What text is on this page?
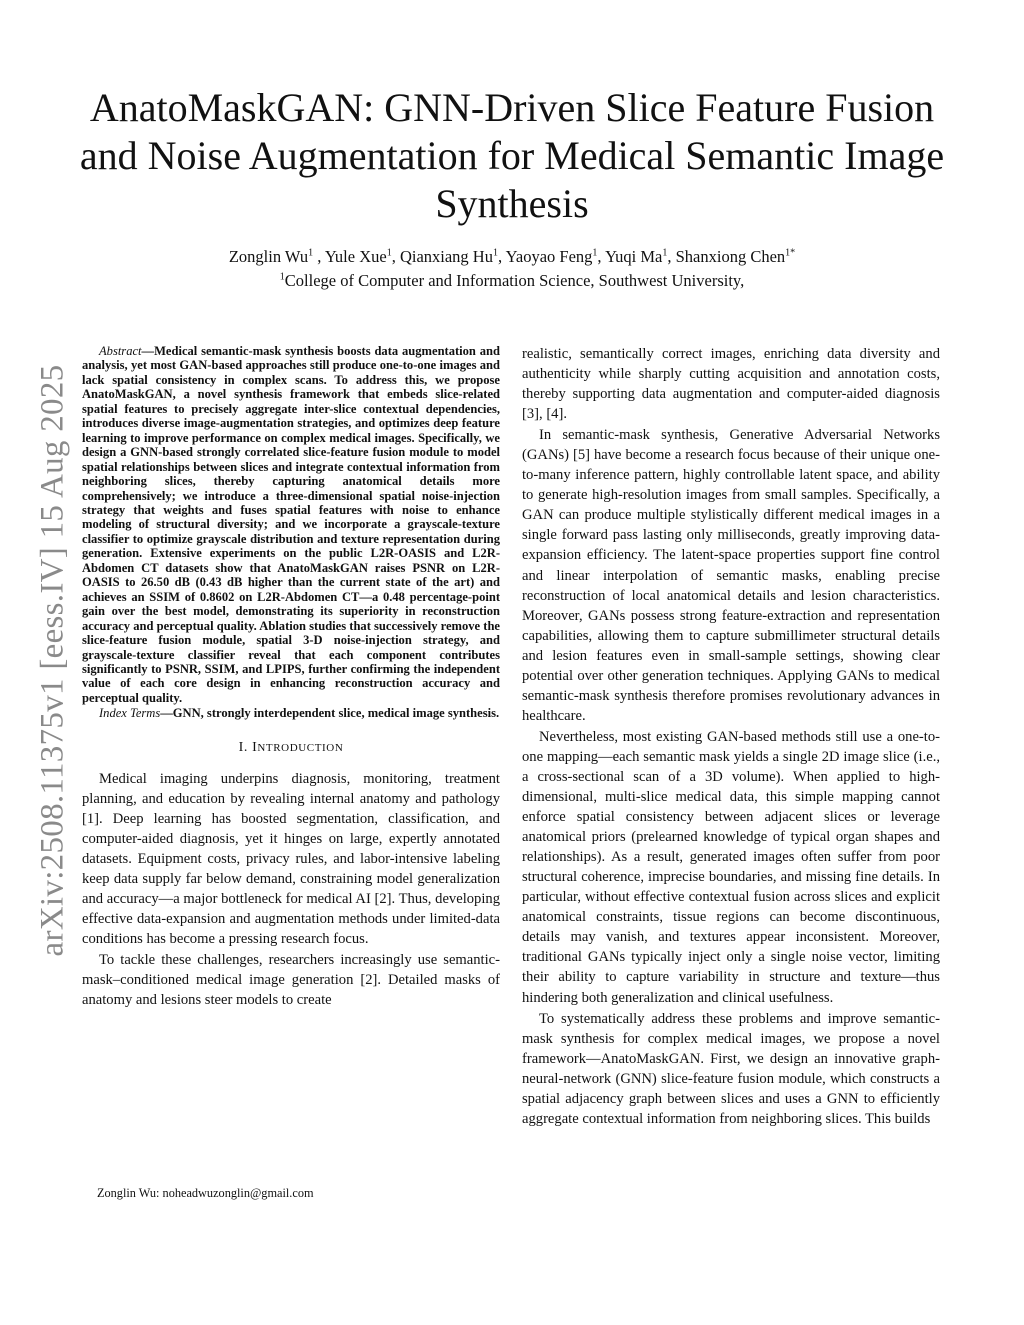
arXiv:2508.11375v1 [eess.IV] 15 Aug 2025
AnatoMaskGAN: GNN-Driven Slice Feature Fusion and Noise Augmentation for Medical Semantic Image Synthesis
Zonglin Wu$^1$ , Yule Xue$^1$, Qianxiang Hu$^1$, Yaoyao Feng$^1$, Yuqi Ma$^1$, Shanxiong Chen$^{1*}$
$^1$College of Computer and Information Science, Southwest University,

Abstract—Medical semantic-mask synthesis boosts data augmentation and analysis, yet most GAN-based approaches still produce one-to-one images and lack spatial consistency in complex scans. To address this, we propose AnatoMaskGAN, a novel synthesis framework that embeds slice-related spatial features to precisely aggregate inter-slice contextual dependencies, introduces diverse image-augmentation strategies, and optimizes deep feature learning to improve performance on complex medical images. Specifically, we design a GNN-based strongly correlated slice-feature fusion module to model spatial relationships between slices and integrate contextual information from neighboring slices, thereby capturing anatomical details more comprehensively; we introduce a three-dimensional spatial noise-injection strategy that weights and fuses spatial features with noise to enhance modeling of structural diversity; and we incorporate a grayscale-texture classifier to optimize grayscale distribution and texture representation during generation. Extensive experiments on the public L2R-OASIS and L2R-Abdomen CT datasets show that AnatoMaskGAN raises PSNR on L2R-OASIS to 26.50 dB (0.43 dB higher than the current state of the art) and achieves an SSIM of 0.8602 on L2R-Abdomen CT—a 0.48 percentage-point gain over the best model, demonstrating its superiority in reconstruction accuracy and perceptual quality. Ablation studies that successively remove the slice-feature fusion module, spatial 3-D noise-injection strategy, and grayscale-texture classifier reveal that each component contributes significantly to PSNR, SSIM, and LPIPS, further confirming the independent value of each core design in enhancing reconstruction accuracy and perceptual quality.

Index Terms—GNN, strongly interdependent slice, medical image synthesis.

I. INTRODUCTION

Medical imaging underpins diagnosis, monitoring, treatment planning, and education by revealing internal anatomy and pathology [1]. Deep learning has boosted segmentation, classification, and computer-aided diagnosis, yet it hinges on large, expertly annotated datasets. Equipment costs, privacy rules, and labor-intensive labeling keep data supply far below demand, constraining model generalization and accuracy—a major bottleneck for medical AI [2]. Thus, developing effective data-expansion and augmentation methods under limited-data conditions has become a pressing research focus.

To tackle these challenges, researchers increasingly use semantic-mask–conditioned medical image generation [2]. Detailed masks of anatomy and lesions steer models to create

realistic, semantically correct images, enriching data diversity and authenticity while sharply cutting acquisition and annotation costs, thereby supporting data augmentation and computer-aided diagnosis [3], [4].

In semantic-mask synthesis, Generative Adversarial Networks (GANs) [5] have become a research focus because of their unique one-to-many inference pattern, highly controllable latent space, and ability to generate high-resolution images from small samples. Specifically, a GAN can produce multiple stylistically different medical images in a single forward pass lasting only milliseconds, greatly improving data-expansion efficiency. The latent-space properties support fine control and linear interpolation of semantic masks, enabling precise reconstruction of local anatomical details and lesion characteristics. Moreover, GANs possess strong feature-extraction and representation capabilities, allowing them to capture submillimeter structural details and lesion features even in small-sample settings, showing clear potential over other generation techniques. Applying GANs to medical semantic-mask synthesis therefore promises revolutionary advances in healthcare.

Nevertheless, most existing GAN-based methods still use a one-to-one mapping—each semantic mask yields a single 2D image slice (i.e., a cross-sectional scan of a 3D volume). When applied to high-dimensional, multi-slice medical data, this simple mapping cannot enforce spatial consistency between adjacent slices or leverage anatomical priors (prelearned knowledge of typical organ shapes and relationships). As a result, generated images often suffer from poor structural coherence, imprecise boundaries, and missing fine details. In particular, without effective contextual fusion across slices and explicit anatomical constraints, tissue regions can become discontinuous, details may vanish, and textures appear inconsistent. Moreover, traditional GANs typically inject only a single noise vector, limiting their ability to capture variability in structure and texture—thus hindering both generalization and clinical usefulness.

To systematically address these problems and improve semantic-mask synthesis for complex medical images, we propose a novel framework—AnatoMaskGAN. First, we design an innovative graph-neural-network (GNN) slice-feature fusion module, which constructs a spatial adjacency graph between slices and uses a GNN to efficiently aggregate contextual information from neighboring slices. This builds

Zonglin Wu: noheadwuzonglin@gmail.com
